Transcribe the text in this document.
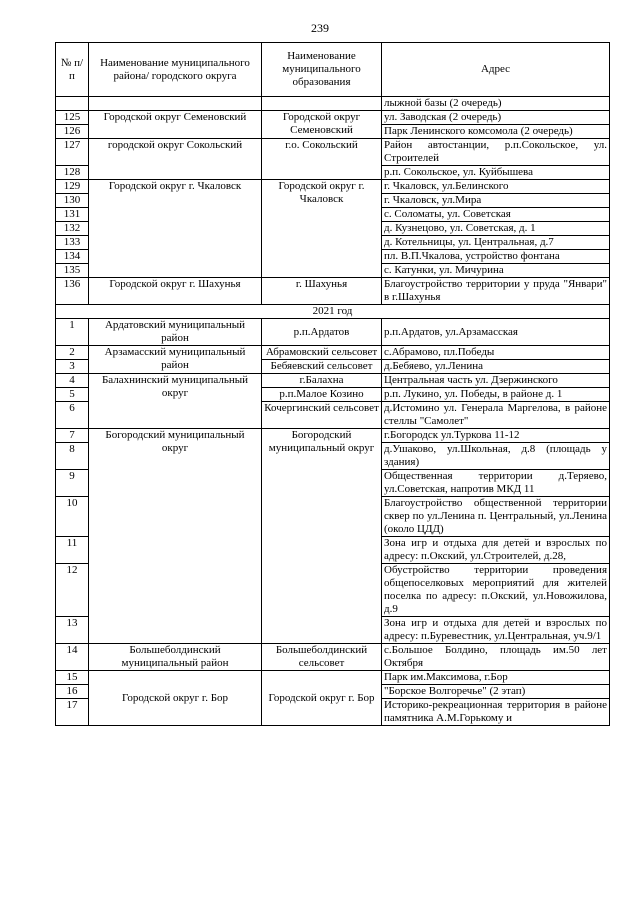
239
№ п/п	Наименование муниципального района/ городского округа	Наименование муниципального образования	Адрес
			лыжной базы (2 очередь)
125	Городской округ Семеновский	Городской округ Семеновский	ул. Заводская (2 очередь)
126			Парк Ленинского комсомола (2 очередь)
127	городской округ Сокольский	г.о. Сокольский	Район автостанции, р.п.Сокольское, ул. Строителей
128			р.п. Сокольское, ул. Куйбышева
129	Городской округ г. Чкаловск	Городской округ г. Чкаловск	г. Чкаловск, ул.Белинского
130			г. Чкаловск, ул.Мира
131			с. Соломаты, ул. Советская
132			д. Кузнецово, ул. Советская, д. 1
133			д. Котельницы, ул. Центральная, д.7
134			пл. В.П.Чкалова, устройство фонтана
135			с. Катунки, ул. Мичурина
136	Городской округ г. Шахунья	г. Шахунья	Благоустройство территории у пруда "Январи" в г.Шахунья
2021 год			
1	Ардатовский муниципальный район	р.п.Ардатов	р.п.Ардатов, ул.Арзамасская
2	Арзамасский муниципальный район	Абрамовский сельсовет	с.Абрамово, пл.Победы
3		Бебяевский сельсовет	д.Бебяево, ул.Ленина
4	Балахнинский муниципальный округ	г.Балахна	Центральная часть ул. Дзержинского
5		р.п.Малое Козино	р.п. Лукино, ул. Победы, в районе д. 1
6		Кочергинский сельсовет	д.Истомино ул. Генерала Маргелова, в районе стеллы "Самолет"
7	Богородский муниципальный округ	Богородский муниципальный округ	г.Богородск ул.Туркова 11-12
8			д.Ушаково, ул.Школьная, д.8 (площадь у здания)
9			Общественная территории д.Теряево, ул.Советская, напротив МКД 11
10			Благоустройство общественной территории сквер по ул.Ленина п. Центральный, ул.Ленина (около ЦДД)
11			Зона игр и отдыха для детей и взрослых по адресу: п.Окский, ул.Строителей, д.28,
12			Обустройство территории проведения общепоселковых мероприятий для жителей поселка по адресу: п.Окский, ул.Новожилова, д.9
13			Зона игр и отдыха для детей и взрослых по адресу: п.Буревестник, ул.Центральная, уч.9/1
14	Большеболдинский муниципальный район	Большеболдинский сельсовет	с.Большое Болдино, площадь им.50 лет Октября
15	Городской округ г. Бор	Городской округ г. Бор	Парк им.Максимова, г.Бор
16			"Борское Волгоречье" (2 этап)
17			Историко-рекреационная территория в районе памятника А.М.Горькому и
